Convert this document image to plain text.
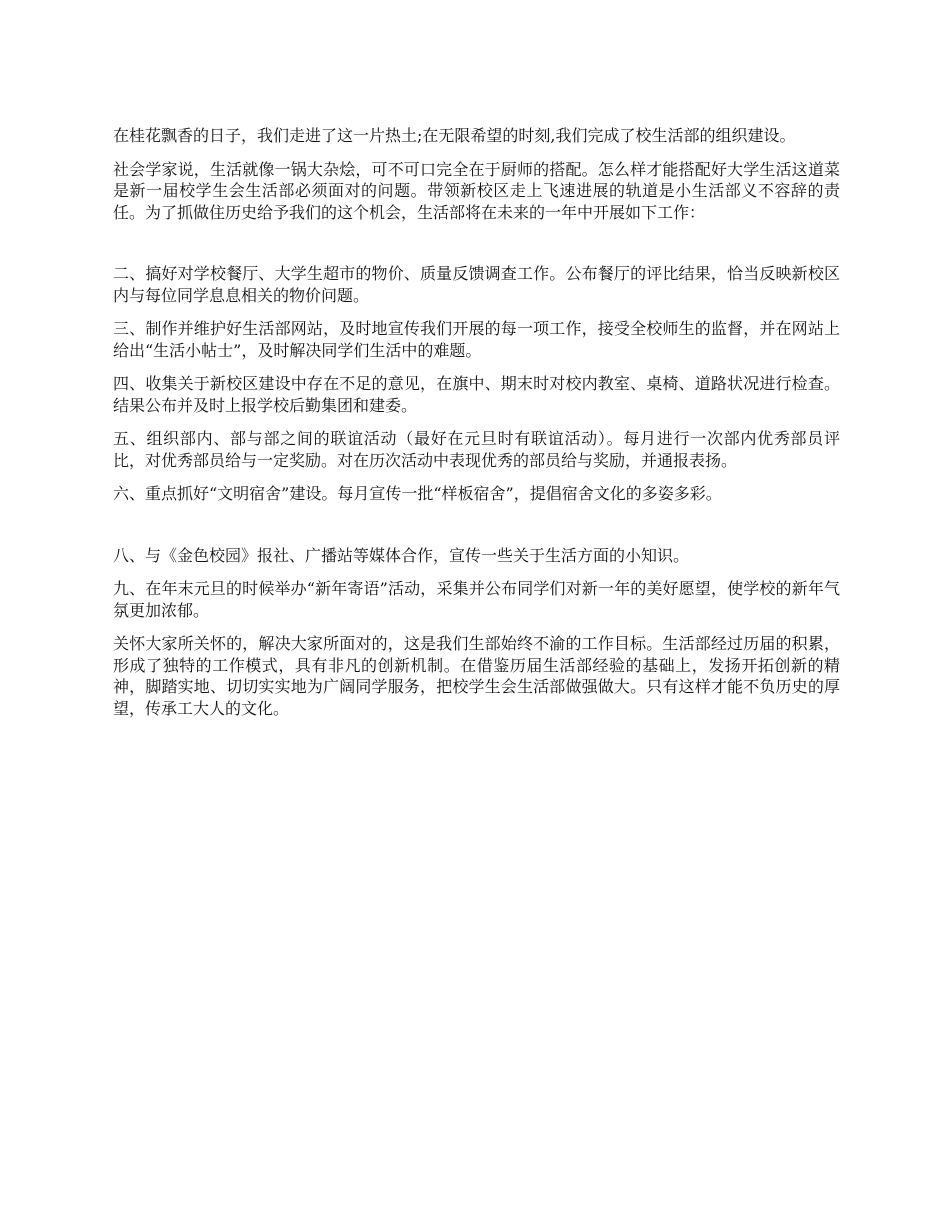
在桂花飘香的日子，我们走进了这一片热土;在无限希望的时刻,我们完成了校生活部的组织建设。

社会学家说，生活就像一锅大杂烩，可不可口完全在于厨师的搭配。怎么样才能搭配好大学生活这道菜是新一届校学生会生活部必须面对的问题。带领新校区走上飞速进展的轨道是小生活部义不容辞的责任。为了抓做住历史给予我们的这个机会，生活部将在未来的一年中开展如下工作：

二、搞好对学校餐厅、大学生超市的物价、质量反馈调查工作。公布餐厅的评比结果，恰当反映新校区内与每位同学息息相关的物价问题。

三、制作并维护好生活部网站，及时地宣传我们开展的每一项工作，接受全校师生的监督，并在网站上给出“生活小帖士”，及时解决同学们生活中的难题。

四、收集关于新校区建设中存在不足的意见，在旗中、期末时对校内教室、桌椅、道路状况进行检查。结果公布并及时上报学校后勤集团和建委。

五、组织部内、部与部之间的联谊活动（最好在元旦时有联谊活动）。每月进行一次部内优秀部员评比，对优秀部员给与一定奖励。对在历次活动中表现优秀的部员给与奖励，并通报表扬。

六、重点抓好“文明宿舍”建设。每月宣传一批“样板宿舍”，提倡宿舍文化的多姿多彩。

八、与《金色校园》报社、广播站等媒体合作，宣传一些关于生活方面的小知识。

九、在年末元旦的时候举办“新年寄语”活动，采集并公布同学们对新一年的美好愿望，使学校的新年气氛更加浓郁。

关怀大家所关怀的，解决大家所面对的，这是我们生部始终不渝的工作目标。生活部经过历届的积累，形成了独特的工作模式，具有非凡的创新机制。在借鉴历届生活部经验的基础上，发扬开拓创新的精神，脚踏实地、切切实实地为广阔同学服务，把校学生会生活部做强做大。只有这样才能不负历史的厚望，传承工大人的文化。
